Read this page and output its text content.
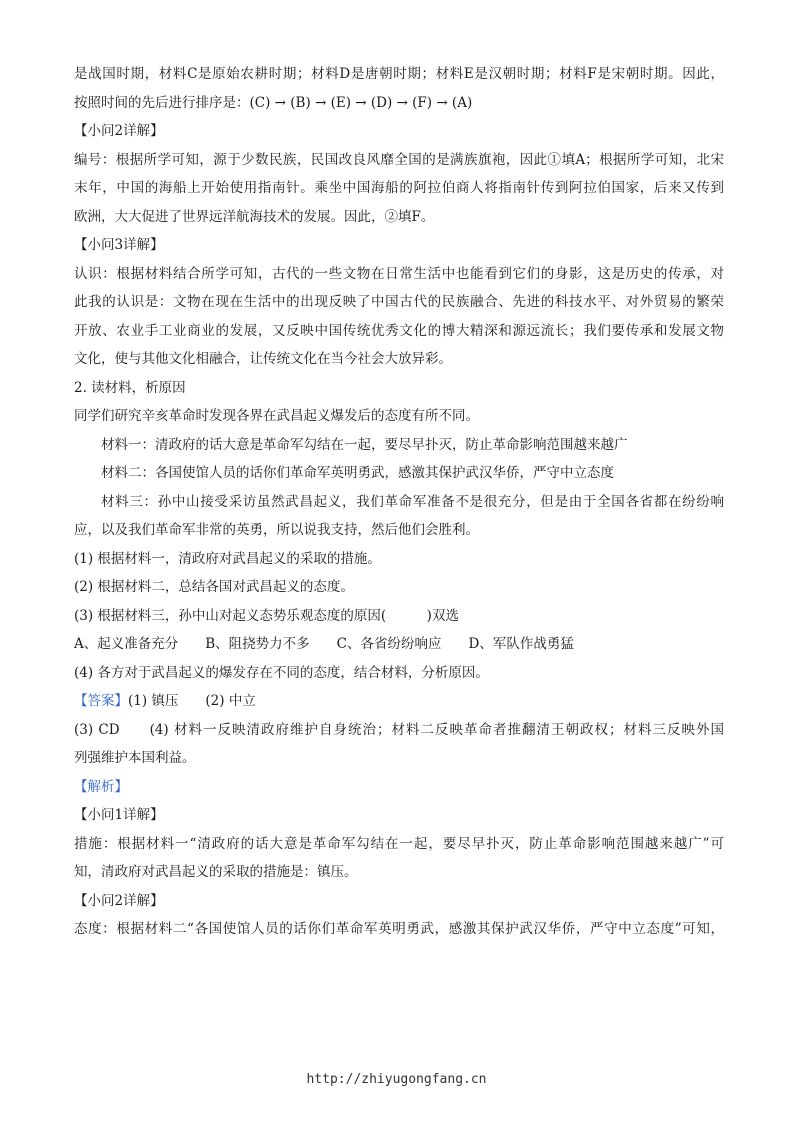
是战国时期，材料C是原始农耕时期；材料D是唐朝时期；材料E是汉朝时期；材料F是宋朝时期。因此，
按照时间的先后进行排序是：(C) → (B) → (E) → (D) → (F) → (A)
【小问2详解】
编号：根据所学可知，源于少数民族，民国改良风靡全国的是满族旗袍，因此①填A；根据所学可知，北宋
末年，中国的海船上开始使用指南针。乘坐中国海船的阿拉伯商人将指南针传到阿拉伯国家，后来又传到
欧洲，大大促进了世界远洋航海技术的发展。因此，②填F。
【小问3详解】
认识：根据材料结合所学可知，古代的一些文物在日常生活中也能看到它们的身影，这是历史的传承，对
此我的认识是：文物在现在生活中的出现反映了中国古代的民族融合、先进的科技水平、对外贸易的繁荣
开放、农业手工业商业的发展，又反映中国传统优秀文化的博大精深和源远流长；我们要传承和发展文物
文化，使与其他文化相融合，让传统文化在当今社会大放异彩。
2. 读材料，析原因
同学们研究辛亥革命时发现各界在武昌起义爆发后的态度有所不同。
材料一：清政府的话大意是革命军勾结在一起，要尽早扑灭，防止革命影响范围越来越广
材料二：各国使馆人员的话你们革命军英明勇武，感激其保护武汉华侨，严守中立态度
材料三：孙中山接受采访虽然武昌起义，我们革命军准备不是很充分，但是由于全国各省都在纷纷响
应，以及我们革命军非常的英勇，所以说我支持，然后他们会胜利。
(1) 根据材料一，清政府对武昌起义的采取的措施。
(2) 根据材料二，总结各国对武昌起义的态度。
(3) 根据材料三，孙中山对起义态势乐观态度的原因(　　　)双选
A、起义准备充分　　B、阻挠势力不多　　C、各省纷纷响应　　D、军队作战勇猛
(4) 各方对于武昌起义的爆发存在不同的态度，结合材料，分析原因。
【答案】(1) 镇压　　(2) 中立
(3) CD　　(4) 材料一反映清政府维护自身统治；材料二反映革命者推翻清王朝政权；材料三反映外国
列强维护本国利益。
【解析】
【小问1详解】
措施：根据材料一“清政府的话大意是革命军勾结在一起，要尽早扑灭，防止革命影响范围越来越广”可
知，清政府对武昌起义的采取的措施是：镇压。
【小问2详解】
态度：根据材料二“各国使馆人员的话你们革命军英明勇武，感激其保护武汉华侨，严守中立态度”可知，
http://zhiyugongfang.cn
